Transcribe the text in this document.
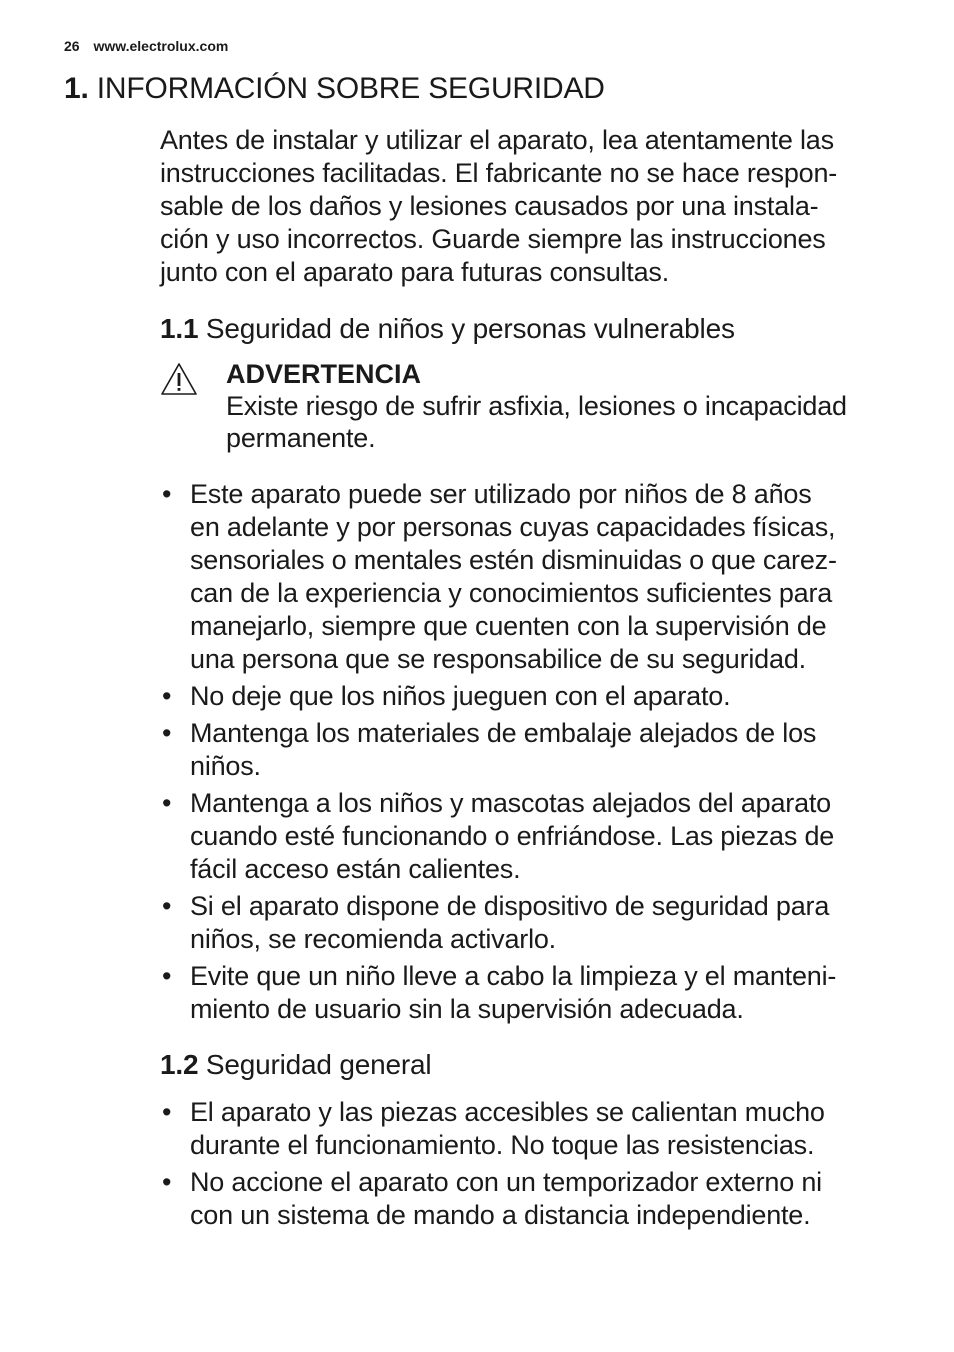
26 www.electrolux.com
1. INFORMACIÓN SOBRE SEGURIDAD

Antes de instalar y utilizar el aparato, lea atentamente las
instrucciones facilitadas. El fabricante no se hace respon-
sable de los daños y lesiones causados por una instala-
ción y uso incorrectos. Guarde siempre las instrucciones
junto con el aparato para futuras consultas.

1.1 Seguridad de niños y personas vulnerables
ADVERTENCIA
Existe riesgo de sufrir asfixia, lesiones o incapacidad
permanente.
• Este aparato puede ser utilizado por niños de 8 años
en adelante y por personas cuyas capacidades físicas,
sensoriales o mentales estén disminuidas o que carez-
can de la experiencia y conocimientos suficientes para
manejarlo, siempre que cuenten con la supervisión de
una persona que se responsabilice de su seguridad.
• No deje que los niños jueguen con el aparato.
• Mantenga los materiales de embalaje alejados de los
niños.
• Mantenga a los niños y mascotas alejados del aparato
cuando esté funcionando o enfriándose. Las piezas de
fácil acceso están calientes.
• Si el aparato dispone de dispositivo de seguridad para
niños, se recomienda activarlo.
• Evite que un niño lleve a cabo la limpieza y el manteni-
miento de usuario sin la supervisión adecuada.
1.2 Seguridad general
• El aparato y las piezas accesibles se calientan mucho
durante el funcionamiento. No toque las resistencias.
• No accione el aparato con un temporizador externo ni
con un sistema de mando a distancia independiente.
